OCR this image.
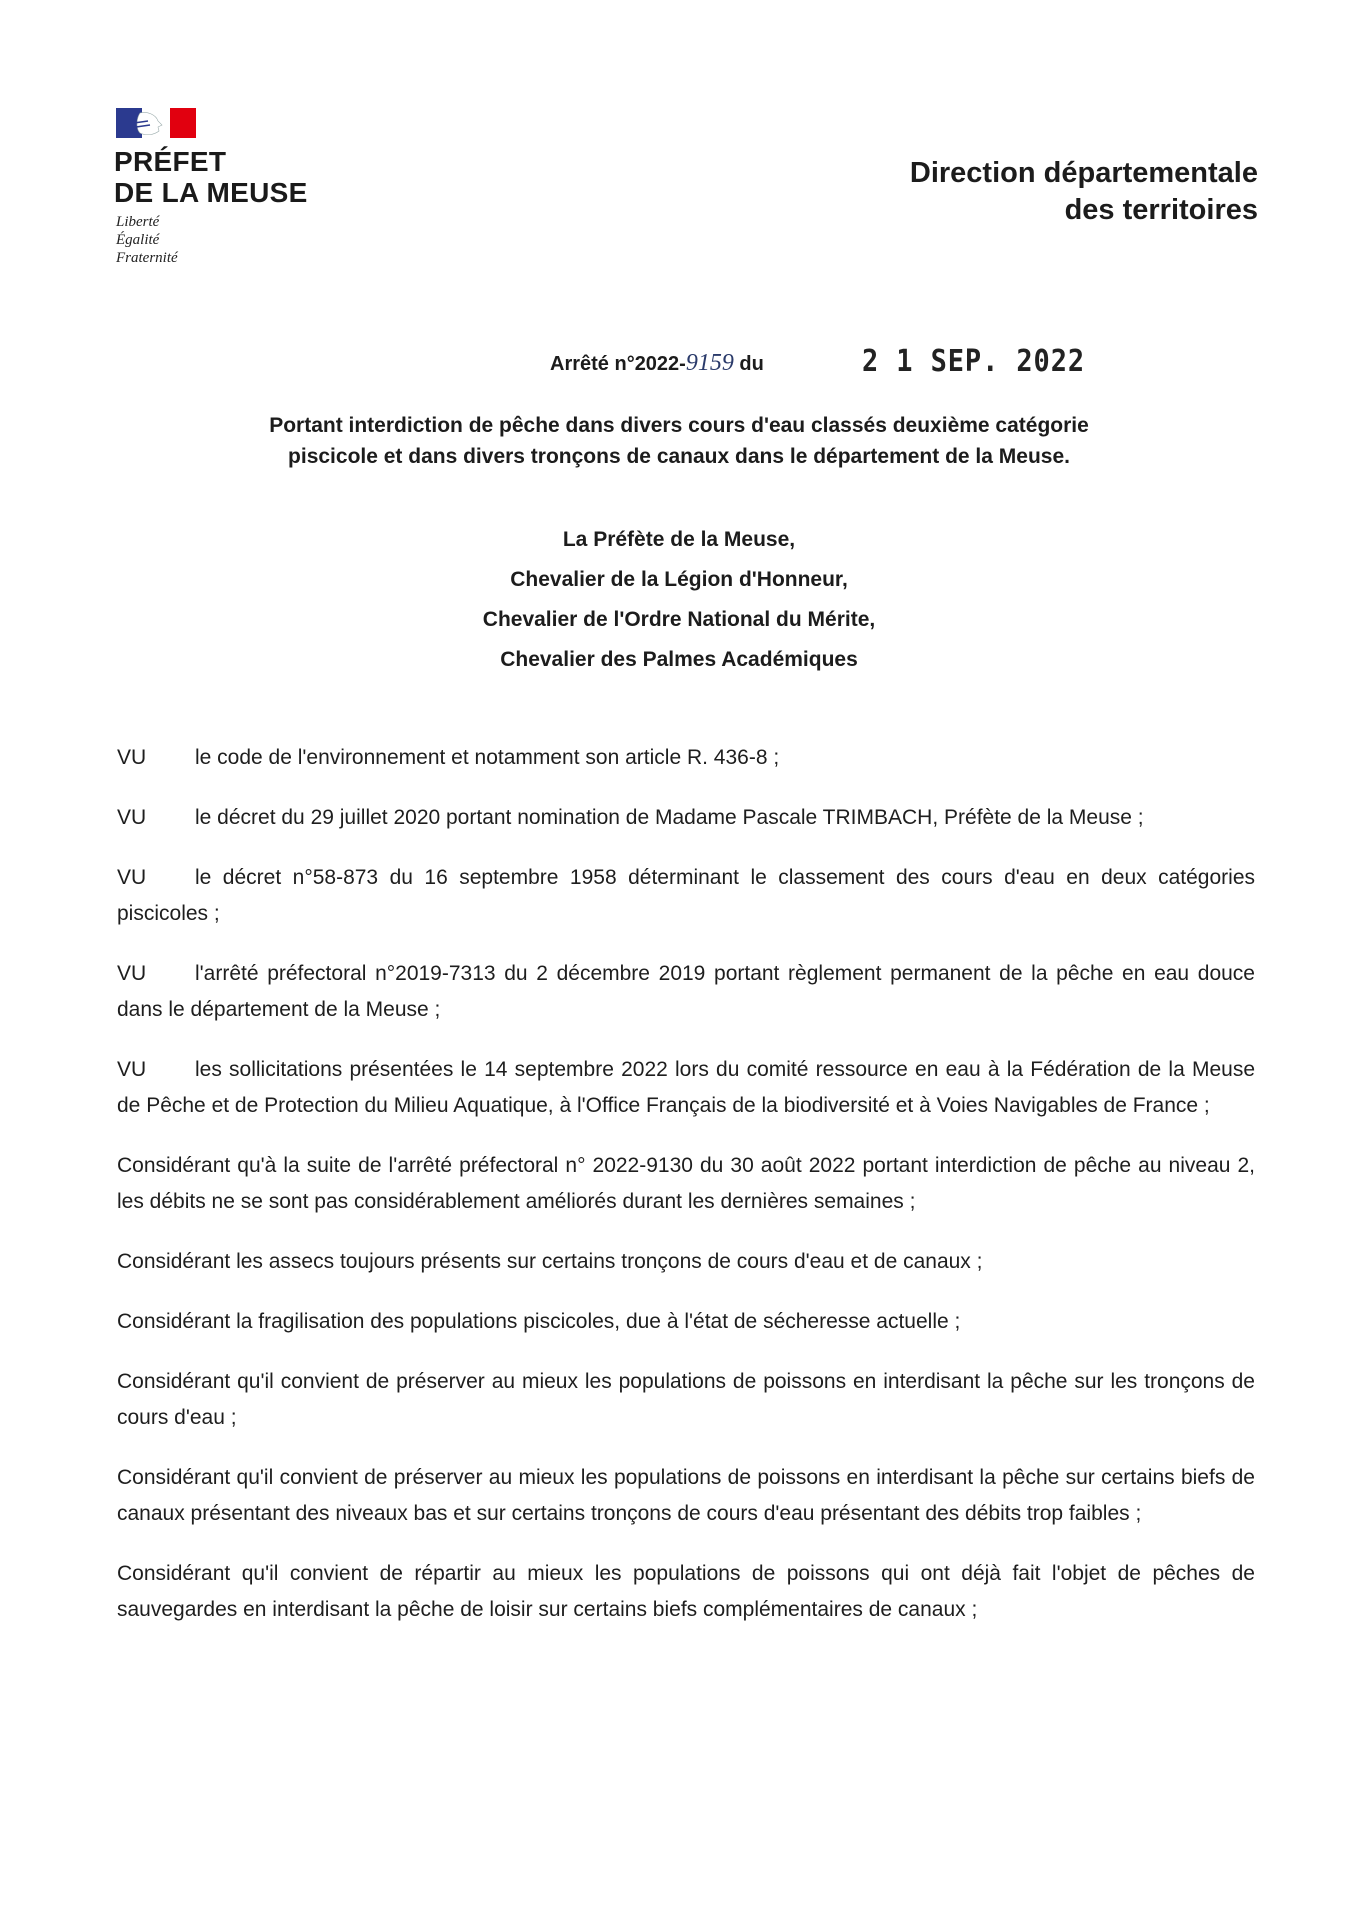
PRÉFET
DE LA MEUSE
Liberté
Égalité
Fraternité
Direction départementale
des territoires
Arrêté n°2022-9159 du	2 1 SEP. 2022
Portant interdiction de pêche dans divers cours d'eau classés deuxième catégorie
piscicole et dans divers tronçons de canaux dans le département de la Meuse.
La Préfète de la Meuse,
Chevalier de la Légion d'Honneur,
Chevalier de l'Ordre National du Mérite,
Chevalier des Palmes Académiques

VU le code de l'environnement et notamment son article R. 436-8 ;

VU le décret du 29 juillet 2020 portant nomination de Madame Pascale TRIMBACH, Préfète de la Meuse ;

VU le décret n°58-873 du 16 septembre 1958 déterminant le classement des cours d'eau en deux catégories piscicoles ;

VU l'arrêté préfectoral n°2019-7313 du 2 décembre 2019 portant règlement permanent de la pêche en eau douce dans le département de la Meuse ;

VU les sollicitations présentées le 14 septembre 2022 lors du comité ressource en eau à la Fédération de la Meuse de Pêche et de Protection du Milieu Aquatique, à l'Office Français de la biodiversité et à Voies Navigables de France ;

Considérant qu'à la suite de l'arrêté préfectoral n° 2022-9130 du 30 août 2022 portant interdiction de pêche au niveau 2, les débits ne se sont pas considérablement améliorés durant les dernières semaines ;

Considérant les assecs toujours présents sur certains tronçons de cours d'eau et de canaux ;

Considérant la fragilisation des populations piscicoles, due à l'état de sécheresse actuelle ;

Considérant qu'il convient de préserver au mieux les populations de poissons en interdisant la pêche sur les tronçons de cours d'eau ;

Considérant qu'il convient de préserver au mieux les populations de poissons en interdisant la pêche sur certains biefs de canaux présentant des niveaux bas et sur certains tronçons de cours d'eau présentant des débits trop faibles ;

Considérant qu'il convient de répartir au mieux les populations de poissons qui ont déjà fait l'objet de pêches de sauvegardes en interdisant la pêche de loisir sur certains biefs complémentaires de canaux ;
